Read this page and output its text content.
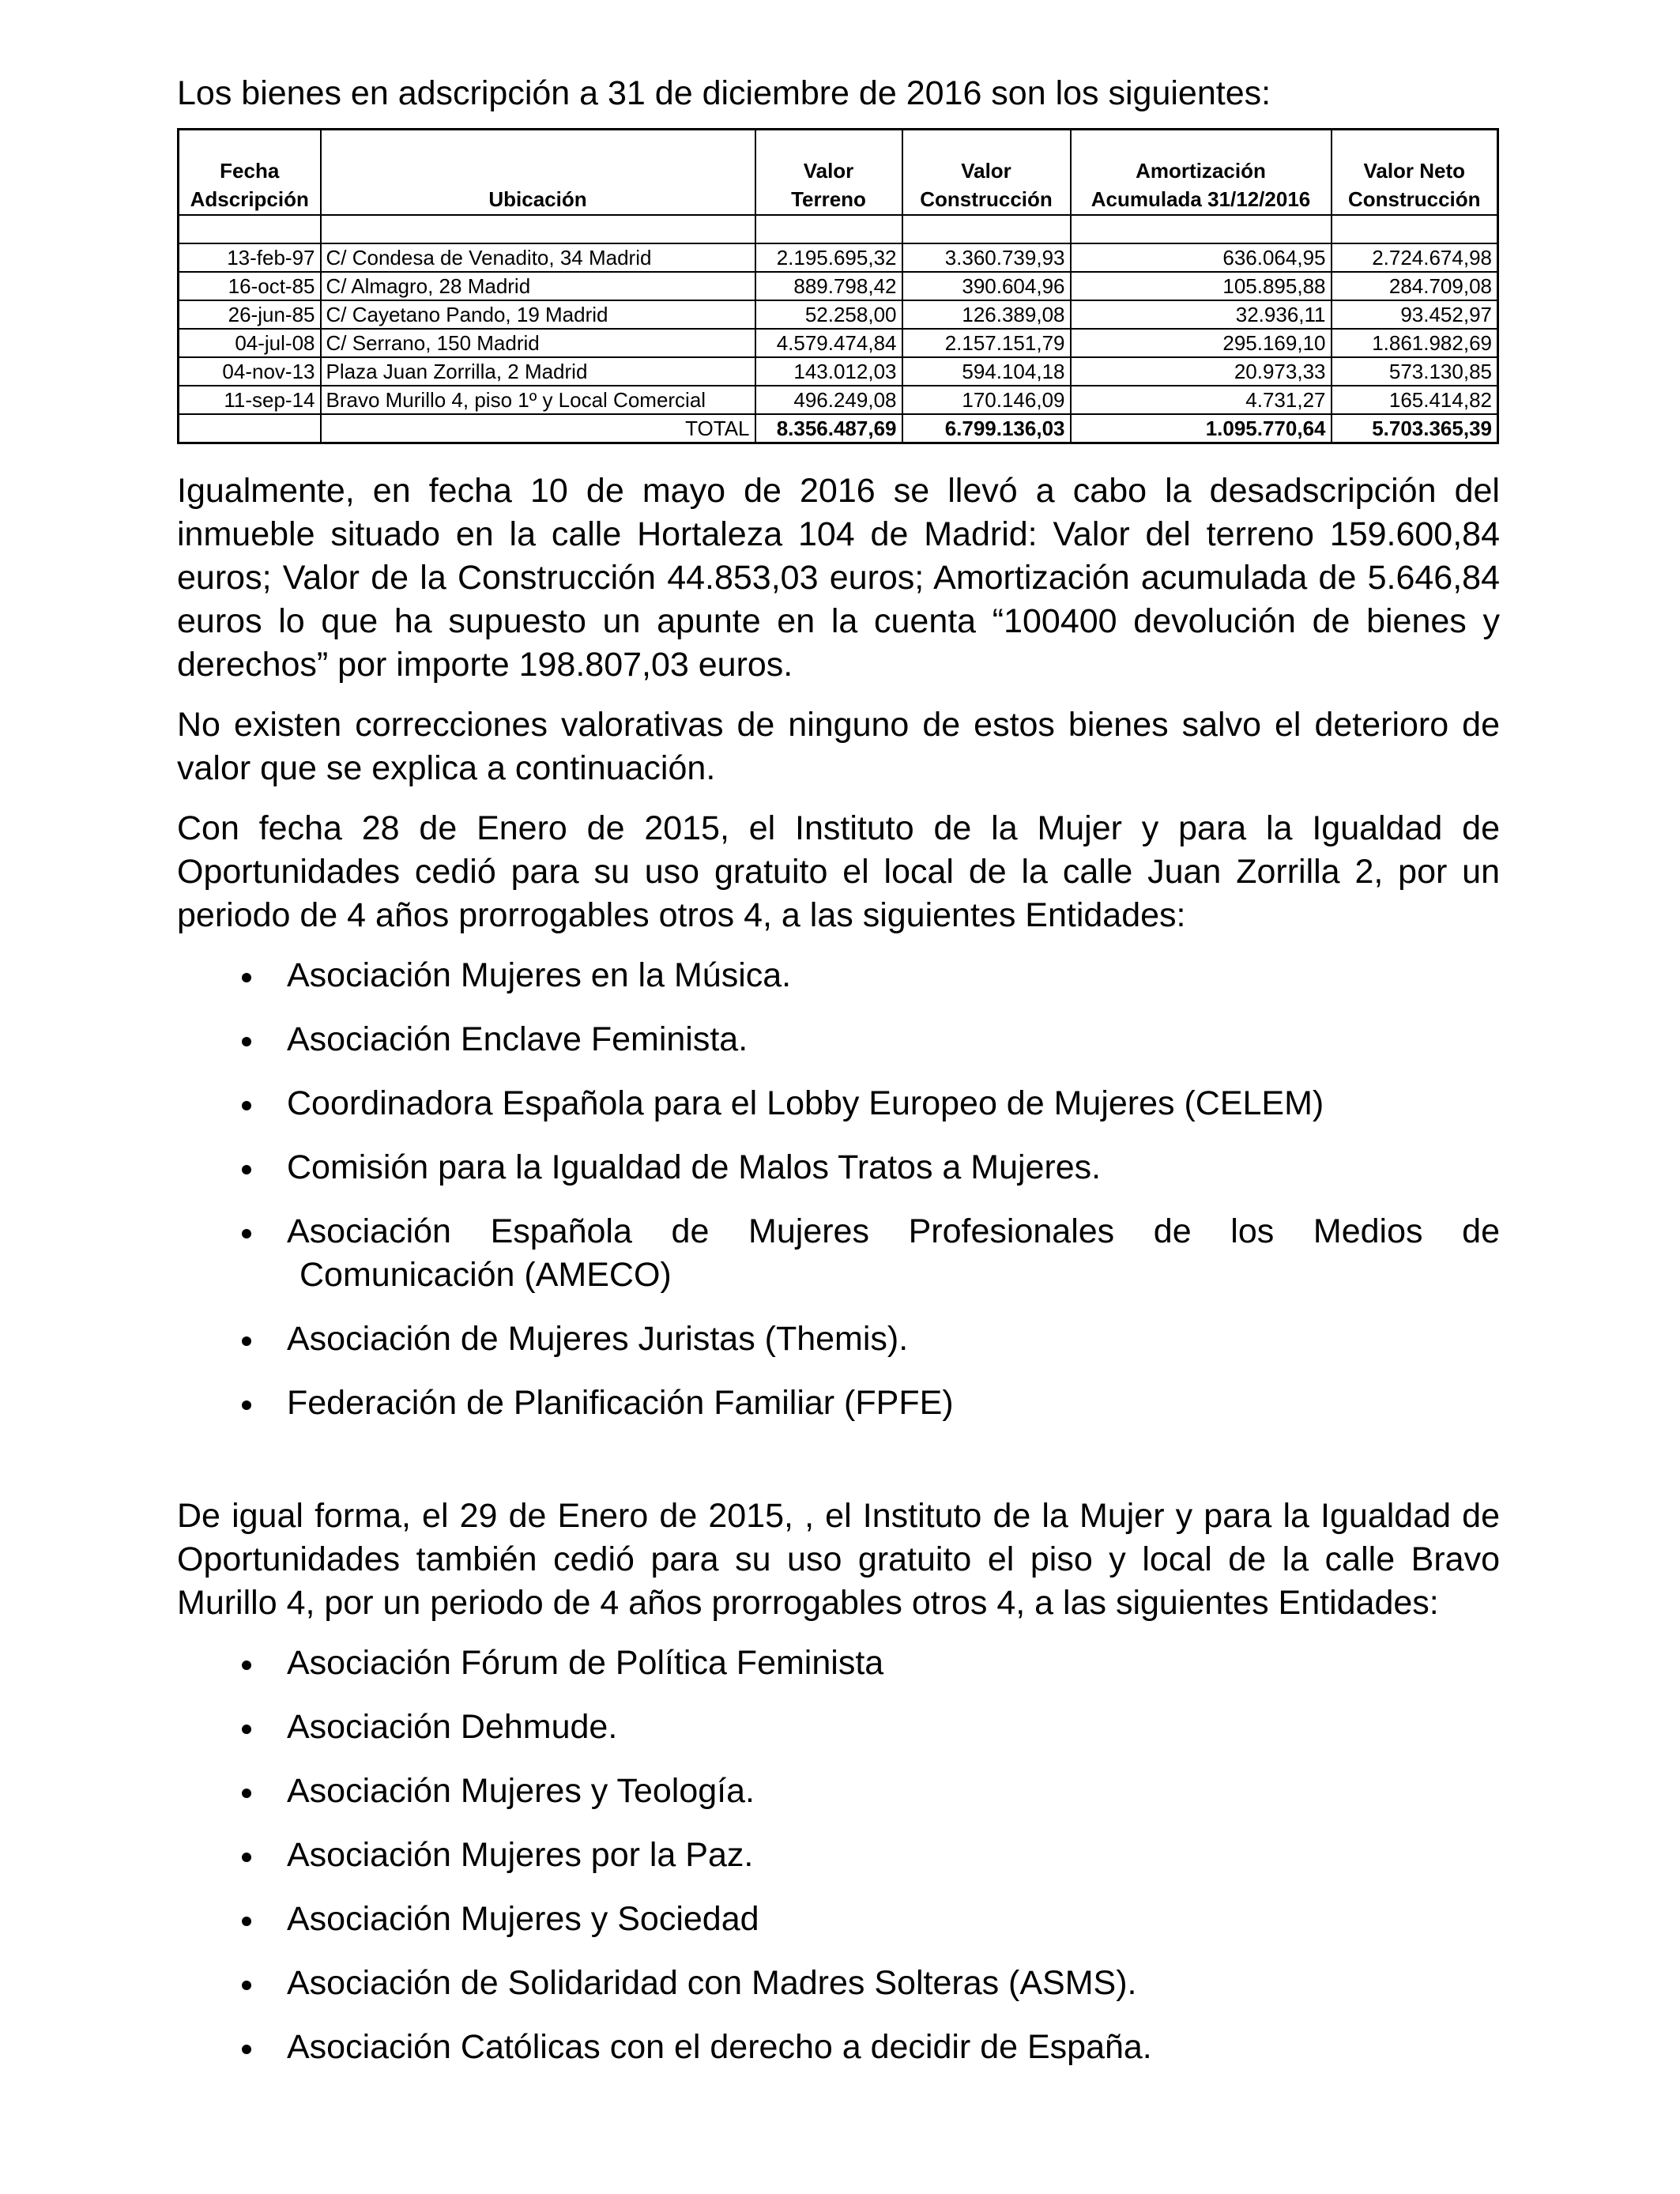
Los bienes en adscripción a 31 de diciembre de 2016 son los siguientes:

Fecha		Valor	Valor	Amortización	Valor Neto
Adscripción	Ubicación	Terreno	Construcción	Acumulada 31/12/2016	Construcción

13-feb-97	C/ Condesa de Venadito, 34 Madrid	2.195.695,32	3.360.739,93	636.064,95	2.724.674,98
16-oct-85	C/ Almagro, 28 Madrid	889.798,42	390.604,96	105.895,88	284.709,08
26-jun-85	C/ Cayetano Pando, 19 Madrid	52.258,00	126.389,08	32.936,11	93.452,97
04-jul-08	C/ Serrano, 150 Madrid	4.579.474,84	2.157.151,79	295.169,10	1.861.982,69
04-nov-13	Plaza Juan Zorrilla, 2 Madrid	143.012,03	594.104,18	20.973,33	573.130,85
11-sep-14	Bravo Murillo 4, piso 1º y Local Comercial	496.249,08	170.146,09	4.731,27	165.414,82
	TOTAL	8.356.487,69	6.799.136,03	1.095.770,64	5.703.365,39

Igualmente, en fecha 10 de mayo de 2016 se llevó a cabo la desadscripción del inmueble situado en la calle Hortaleza 104 de Madrid: Valor del terreno 159.600,84 euros; Valor de la Construcción 44.853,03 euros; Amortización acumulada de 5.646,84 euros lo que ha supuesto un apunte en la cuenta “100400 devolución de bienes y derechos” por importe 198.807,03 euros.

No existen correcciones valorativas de ninguno de estos bienes salvo el deterioro de valor que se explica a continuación.

Con fecha 28 de Enero de 2015, el Instituto de la Mujer y para la Igualdad de Oportunidades cedió para su uso gratuito el local de la calle Juan Zorrilla 2, por un periodo de 4 años prorrogables otros 4, a las siguientes Entidades:

Asociación Mujeres en la Música.
Asociación Enclave Feminista.
Coordinadora Española para el Lobby Europeo de Mujeres (CELEM)
Comisión para la Igualdad de Malos Tratos a Mujeres.
Asociación Española de Mujeres Profesionales de los Medios de
Comunicación (AMECO)
Asociación de Mujeres Juristas (Themis).
Federación de Planificación Familiar (FPFE)

De igual forma, el 29 de Enero de 2015, , el Instituto de la Mujer y para la Igualdad de Oportunidades también cedió para su uso gratuito el piso y local de la calle Bravo Murillo 4, por un periodo de 4 años prorrogables otros 4, a las siguientes Entidades:

Asociación Fórum de Política Feminista
Asociación Dehmude.
Asociación Mujeres y Teología.
Asociación Mujeres por la Paz.
Asociación Mujeres y Sociedad
Asociación de Solidaridad con Madres Solteras (ASMS).
Asociación Católicas con el derecho a decidir de España.
